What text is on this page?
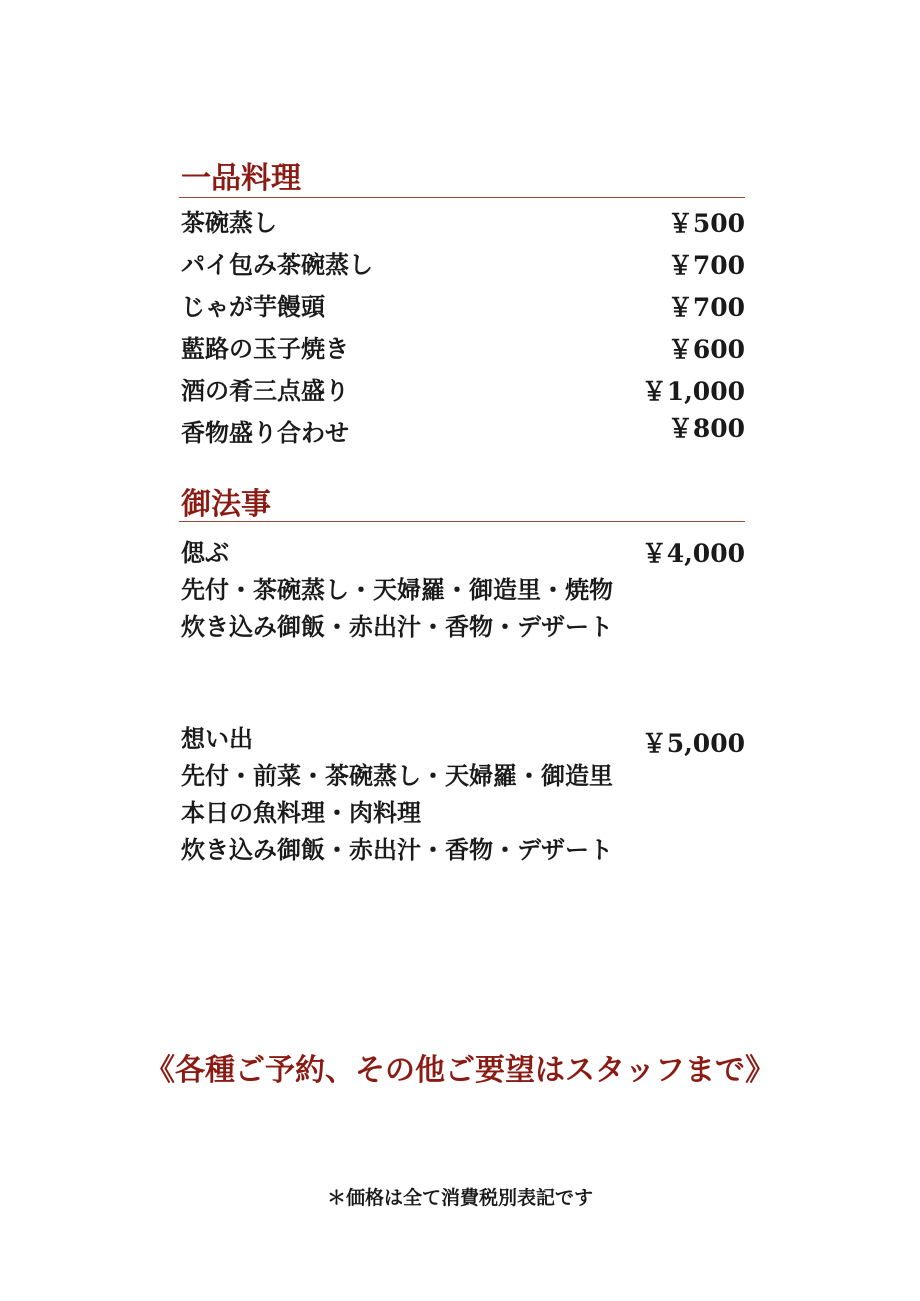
一品料理
茶碗蒸し	￥500
パイ包み茶碗蒸し	￥700
じゃが芋饅頭	￥700
藍路の玉子焼き	￥600
酒の肴三点盛り	￥1,000
香物盛り合わせ	￥800
御法事
偲ぶ	￥4,000
先付・茶碗蒸し・天婦羅・御造里・焼物
炊き込み御飯・赤出汁・香物・デザート
想い出	￥5,000
先付・前菜・茶碗蒸し・天婦羅・御造里
本日の魚料理・肉料理
炊き込み御飯・赤出汁・香物・デザート
《各種ご予約、その他ご要望はスタッフまで》
＊価格は全て消費税別表記です
